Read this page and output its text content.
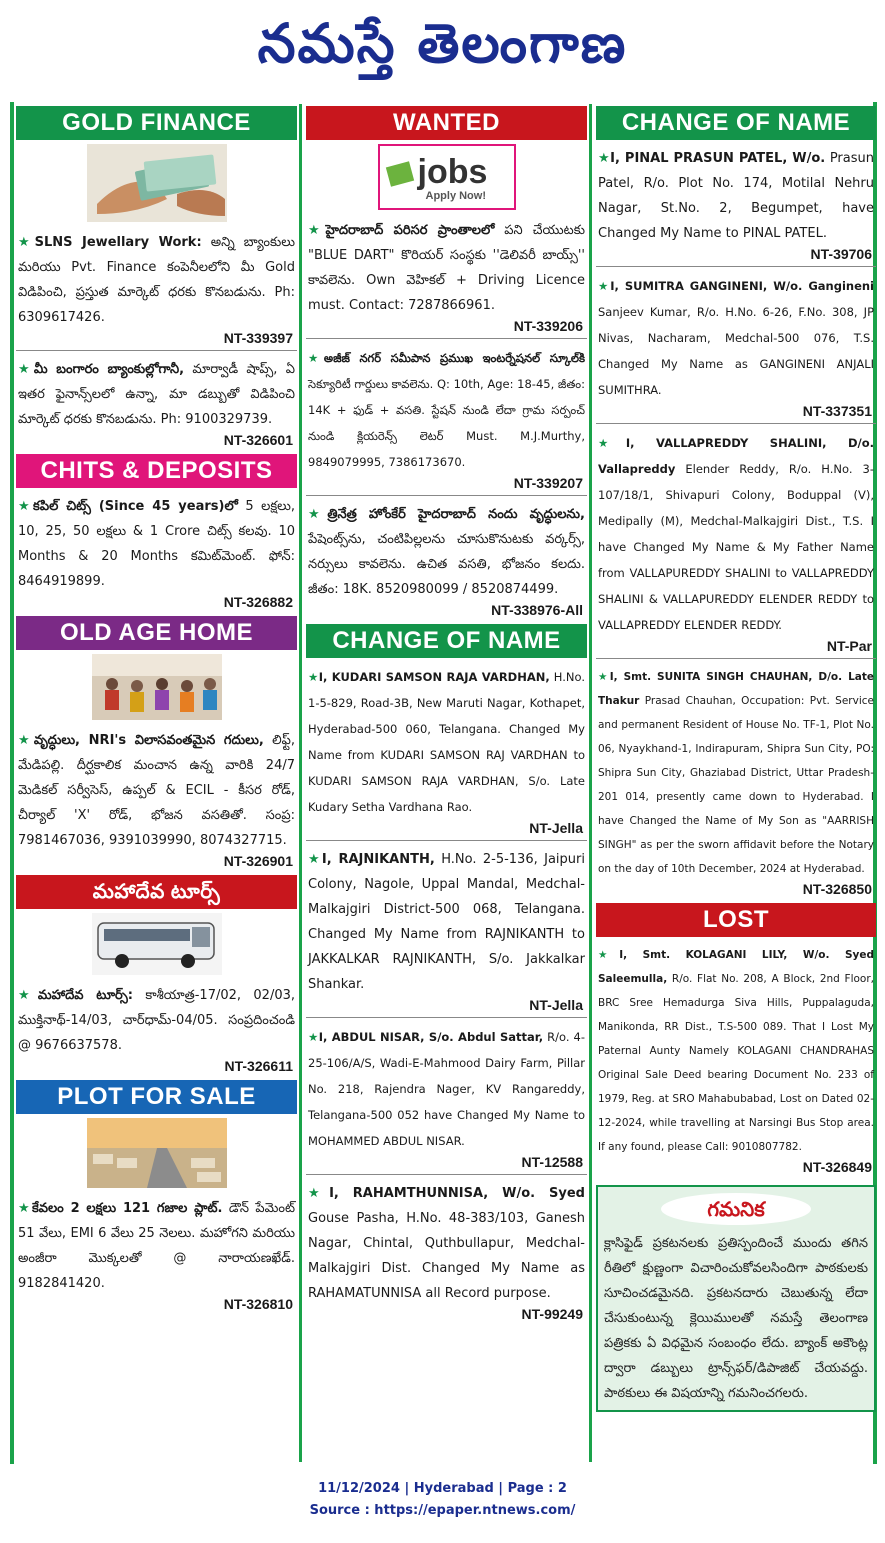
నమస్తే తెలంగాణ
GOLD FINANCE
★SLNS Jewellary Work: అన్ని బ్యాంకులు మరియు Pvt. Finance కంపెనీలలోని మీ Gold విడిపించి, ప్రస్తుత మార్కెట్ ధరకు కొనబడును. Ph: 6309617426.
NT-339397
★మీ బంగారం బ్యాంకుల్లోగానీ, మార్వాడీ షాప్స్, ఏ ఇతర ఫైనాన్స్‌లలో ఉన్నా, మా డబ్బుతో విడిపించి మార్కెట్ ధరకు కొనబడును. Ph: 9100329739.
NT-326601
CHITS & DEPOSITS
★కపిల్ చిట్స్ (Since 45 years)లో 5 లక్షలు, 10, 25, 50 లక్షలు & 1 Crore చిట్స్ కలవు. 10 Months & 20 Months కమిట్‌మెంట్. ఫోన్: 8464919899.
NT-326882
OLD AGE HOME
★వృద్ధులు, NRI's విలాసవంతమైన గదులు, లిఫ్ట్, మేడిపల్లి. దీర్ఘకాలిక మంచాన ఉన్న వారికి 24/7 మెడికల్ సర్వీసెస్, ఉప్పల్ & ECIL - కీసర రోడ్, చీర్యాల్ 'X' రోడ్, భోజన వసతితో. సంప్ర: 7981467036, 9391039990, 8074327715.
NT-326901
మహాదేవ టూర్స్
★మహాదేవ టూర్స్: కాశీయాత్ర-17/02, 02/03, ముక్తినాథ్-14/03, చార్‌ధామ్-04/05. సంప్రదించండి @ 9676637578.
NT-326611
PLOT FOR SALE
★కేవలం 2 లక్షలు 121 గజాల ప్లాట్. డౌన్ పేమెంట్ 51 వేలు, EMI 6 వేలు 25 నెలలు. మహోగని మరియు అంజీరా మొక్కలతో @ నారాయణఖేడ్. 9182841420.
NT-326810
WANTED
jobs
Apply Now!
★హైదరాబాద్ పరిసర ప్రాంతాలలో పని చేయుటకు "BLUE DART" కొరియర్ సంస్థకు ''డెలివరీ బాయ్స్'' కావలెను. Own వెహికల్ + Driving Licence must. Contact: 7287866961.
NT-339206
★అజీజ్ నగర్ సమీపాన ప్రముఖ ఇంటర్నేషనల్ స్కూల్‌కి సెక్యూరిటీ గార్డులు కావలెను. Q: 10th, Age: 18-45, జీతం: 14K + ఫుడ్ + వసతి. స్టేషన్ నుండి లేదా గ్రామ సర్పంచ్ నుండి క్లియరెన్స్ లెటర్ Must. M.J.Murthy, 9849079995, 7386173670.
NT-339207
★త్రినేత్ర హోంకేర్ హైదరాబాద్ నందు వృద్ధులను, పేషెంట్స్‌ను, చంటిపిల్లలను చూసుకొనుటకు వర్కర్స్, నర్సులు కావలెను. ఉచిత వసతి, భోజనం కలదు. జీతం: 18K. 8520980099 / 8520874499.
NT-338976-All
CHANGE OF NAME
★I, KUDARI SAMSON RAJA VARDHAN, H.No. 1-5-829, Road-3B, New Maruti Nagar, Kothapet, Hyderabad-500 060, Telangana. Changed My Name from KUDARI SAMSON RAJ VARDHAN to KUDARI SAMSON RAJA VARDHAN, S/o. Late Kudary Setha Vardhana Rao.
NT-Jella
★I, RAJNIKANTH, H.No. 2-5-136, Jaipuri Colony, Nagole, Uppal Mandal, Medchal-Malkajgiri District-500 068, Telangana. Changed My Name from RAJNIKANTH to JAKKALKAR RAJNIKANTH, S/o. Jakkalkar Shankar.
NT-Jella
★I, ABDUL NISAR, S/o. Abdul Sattar, R/o. 4-25-106/A/S, Wadi-E-Mahmood Dairy Farm, Pillar No. 218, Rajendra Nager, KV Rangareddy, Telangana-500 052 have Changed My Name to MOHAMMED ABDUL NISAR.
NT-12588
★I, RAHAMTHUNNISA, W/o. Syed Gouse Pasha, H.No. 48-383/103, Ganesh Nagar, Chintal, Quthbullapur, Medchal-Malkajgiri Dist. Changed My Name as RAHAMATUNNISA all Record purpose.
NT-99249
CHANGE OF NAME
★I, PINAL PRASUN PATEL, W/o. Prasun Patel, R/o. Plot No. 174, Motilal Nehru Nagar, St.No. 2, Begumpet, have Changed My Name to PINAL PATEL.
NT-39706
★I, SUMITRA GANGINENI, W/o. Gangineni Sanjeev Kumar, R/o. H.No. 6-26, F.No. 308, JP Nivas, Nacharam, Medchal-500 076, T.S. Changed My Name as GANGINENI ANJALI SUMITHRA.
NT-337351
★I, VALLAPREDDY SHALINI, D/o. Vallapreddy Elender Reddy, R/o. H.No. 3-107/18/1, Shivapuri Colony, Boduppal (V), Medipally (M), Medchal-Malkajgiri Dist., T.S. I have Changed My Name & My Father Name from VALLAPUREDDY SHALINI to VALLAPREDDY SHALINI & VALLAPUREDDY ELENDER REDDY to VALLAPREDDY ELENDER REDDY.
NT-Par
★I, Smt. SUNITA SINGH CHAUHAN, D/o. Late Thakur Prasad Chauhan, Occupation: Pvt. Service and permanent Resident of House No. TF-1, Plot No. 06, Nyaykhand-1, Indirapuram, Shipra Sun City, PO: Shipra Sun City, Ghaziabad District, Uttar Pradesh-201 014, presently came down to Hyderabad. I have Changed the Name of My Son as "AARRISH SINGH" as per the sworn affidavit before the Notary on the day of 10th December, 2024 at Hyderabad.
NT-326850
LOST
★I, Smt. KOLAGANI LILY, W/o. Syed Saleemulla, R/o. Flat No. 208, A Block, 2nd Floor, BRC Sree Hemadurga Siva Hills, Puppalaguda, Manikonda, RR Dist., T.S-500 089. That I Lost My Paternal Aunty Namely KOLAGANI CHANDRAHAS Original Sale Deed bearing Document No. 233 of 1979, Reg. at SRO Mahabubabad, Lost on Dated 02-12-2024, while travelling at Narsingi Bus Stop area. If any found, please Call: 9010807782.
NT-326849
గమనిక
క్లాసిఫైడ్ ప్రకటనలకు ప్రతిస్పందించే ముందు తగిన రీతిలో క్షుణ్ణంగా విచారించుకోవలసిందిగా పాఠకులకు సూచించడమైనది. ప్రకటనదారు చెబుతున్న లేదా చేసుకుంటున్న క్లెయిములతో నమస్తే తెలంగాణ పత్రికకు ఏ విధమైన సంబంధం లేదు. బ్యాంక్ అకౌంట్ల ద్వారా డబ్బులు ట్రాన్స్‌ఫర్/డిపాజిట్ చేయవద్దు. పాఠకులు ఈ విషయాన్ని గమనించగలరు.
11/12/2024 | Hyderabad | Page : 2
Source : https://epaper.ntnews.com/
